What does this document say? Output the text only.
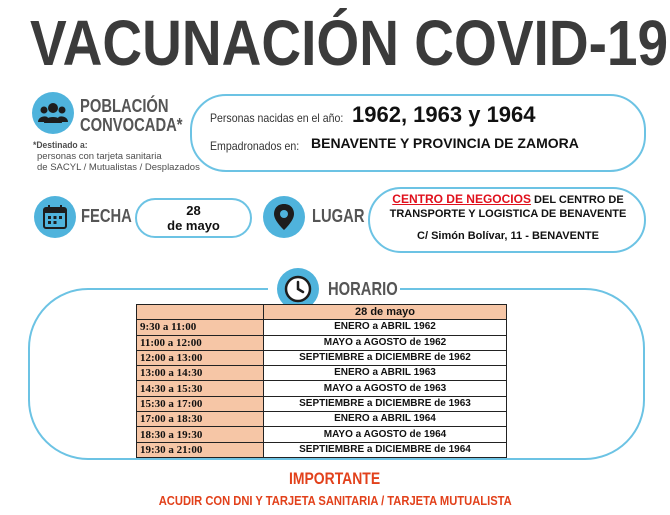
VACUNACIÓN COVID-19
POBLACIÓN
CONVOCADA*
*Destinado a:
personas con tarjeta sanitaria
de SACYL / Mutualistas / Desplazados
Personas nacidas en el año: 1962, 1963 y 1964
Empadronados en: BENAVENTE Y PROVINCIA DE ZAMORA
FECHA	28
de mayo	LUGAR
CENTRO DE NEGOCIOS DEL CENTRO DE
TRANSPORTE Y LOGISTICA DE BENAVENTE
C/ Simón Bolívar, 11 - BENAVENTE
HORARIO
	28 de mayo
9:30 a 11:00	ENERO a ABRIL 1962
11:00 a 12:00	MAYO a AGOSTO de 1962
12:00 a 13:00	SEPTIEMBRE a DICIEMBRE de 1962
13:00 a 14:30	ENERO a ABRIL 1963
14:30 a 15:30	MAYO a AGOSTO de 1963
15:30 a 17:00	SEPTIEMBRE a DICIEMBRE de 1963
17:00 a 18:30	ENERO a ABRIL 1964
18:30 a 19:30	MAYO a AGOSTO de 1964
19:30 a 21:00	SEPTIEMBRE a DICIEMBRE de 1964
IMPORTANTE
ACUDIR CON DNI Y TARJETA SANITARIA / TARJETA MUTUALISTA
